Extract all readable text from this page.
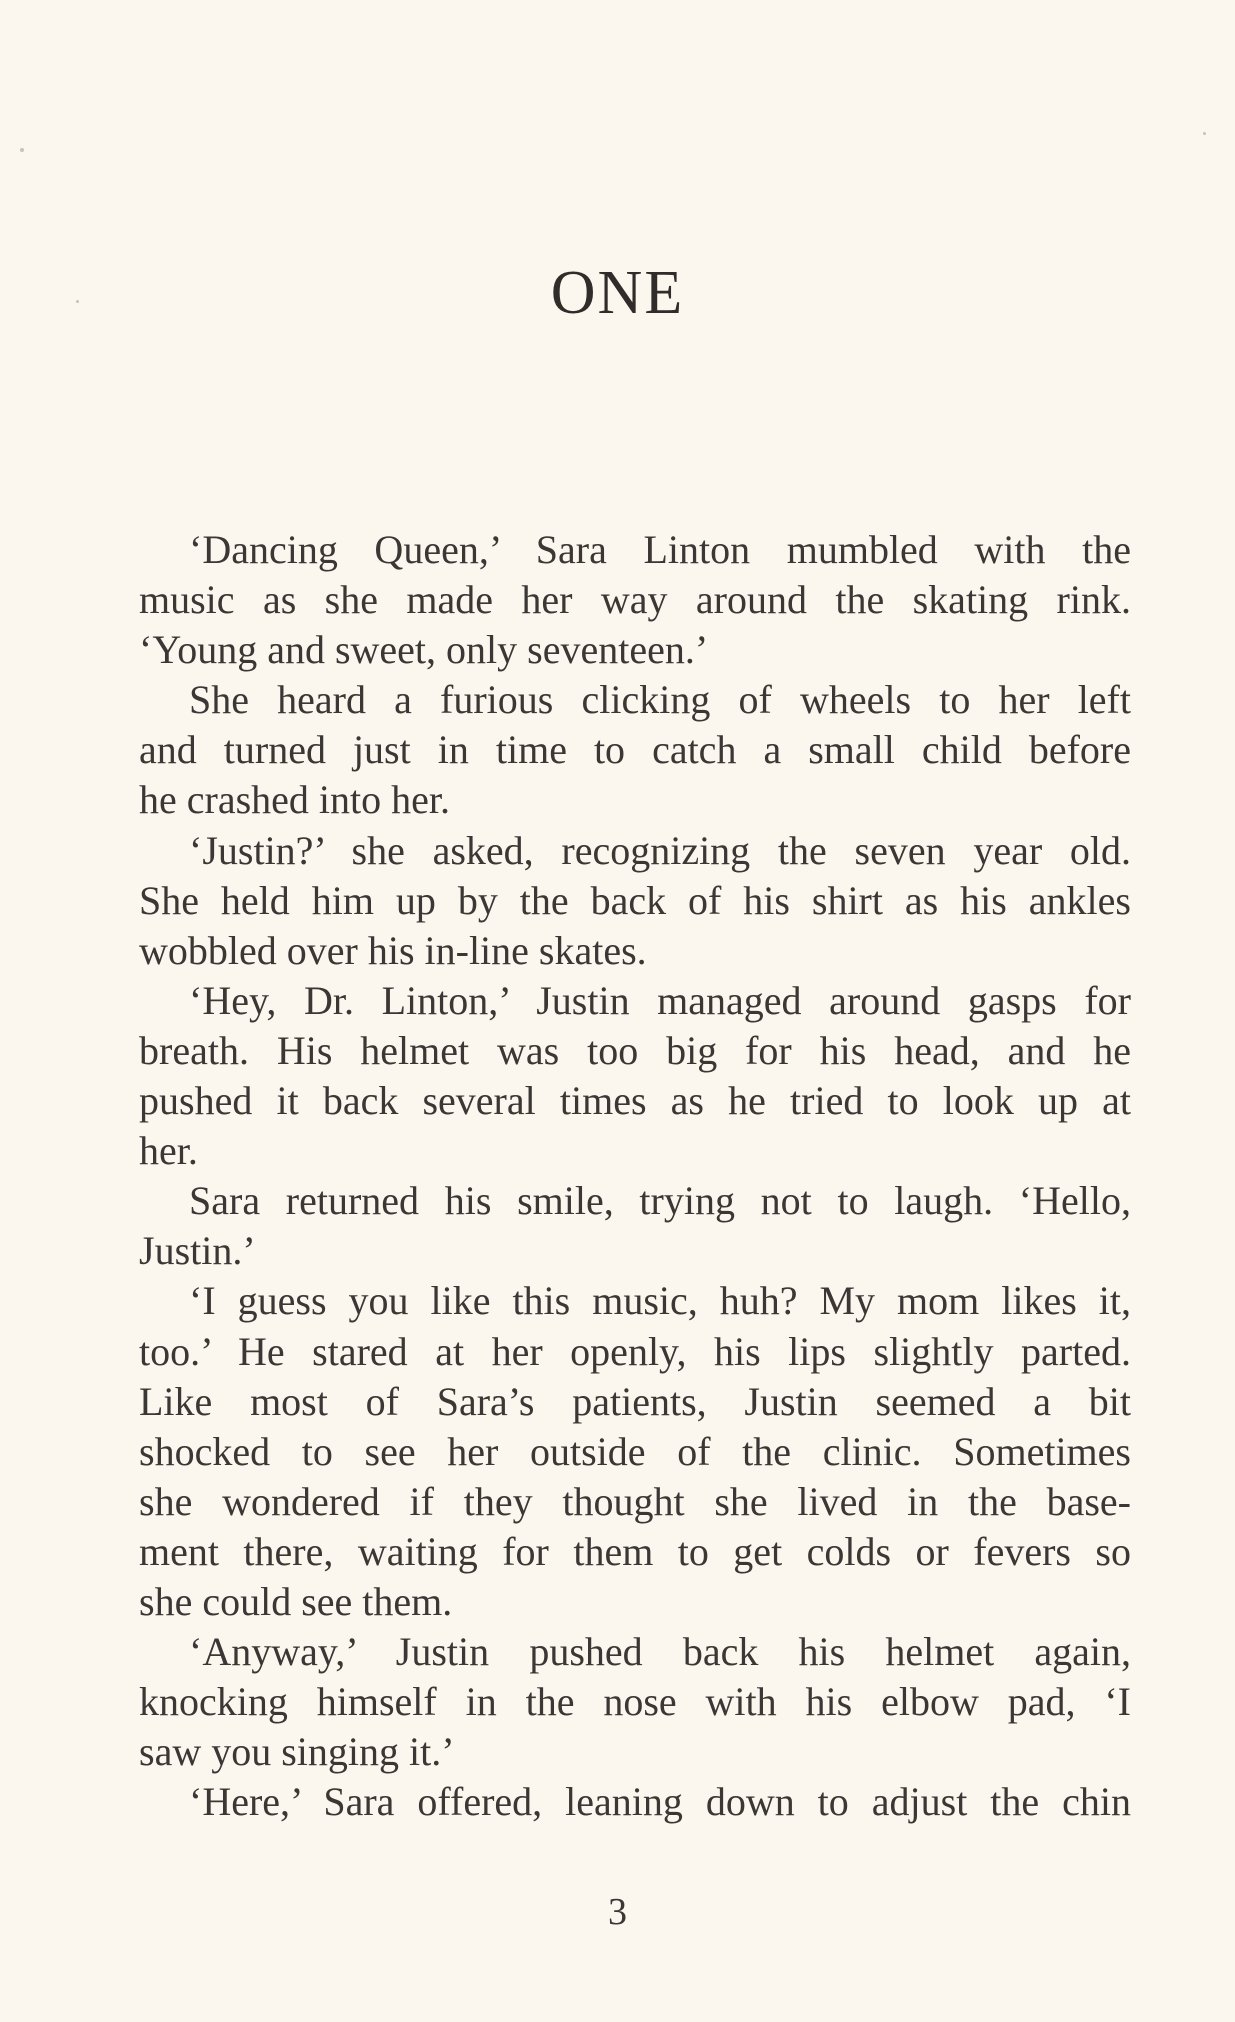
ONE
‘Dancing Queen,’ Sara Linton mumbled with the
music as she made her way around the skating rink.
‘Young and sweet, only seventeen.’
She heard a furious clicking of wheels to her left
and turned just in time to catch a small child before
he crashed into her.
‘Justin?’ she asked, recognizing the seven year old.
She held him up by the back of his shirt as his ankles
wobbled over his in-line skates.
‘Hey, Dr. Linton,’ Justin managed around gasps for
breath. His helmet was too big for his head, and he
pushed it back several times as he tried to look up at
her.
Sara returned his smile, trying not to laugh. ‘Hello,
Justin.’
‘I guess you like this music, huh? My mom likes it,
too.’ He stared at her openly, his lips slightly parted.
Like most of Sara’s patients, Justin seemed a bit
shocked to see her outside of the clinic. Sometimes
she wondered if they thought she lived in the base-
ment there, waiting for them to get colds or fevers so
she could see them.
‘Anyway,’ Justin pushed back his helmet again,
knocking himself in the nose with his elbow pad, ‘I
saw you singing it.’
‘Here,’ Sara offered, leaning down to adjust the chin
3
